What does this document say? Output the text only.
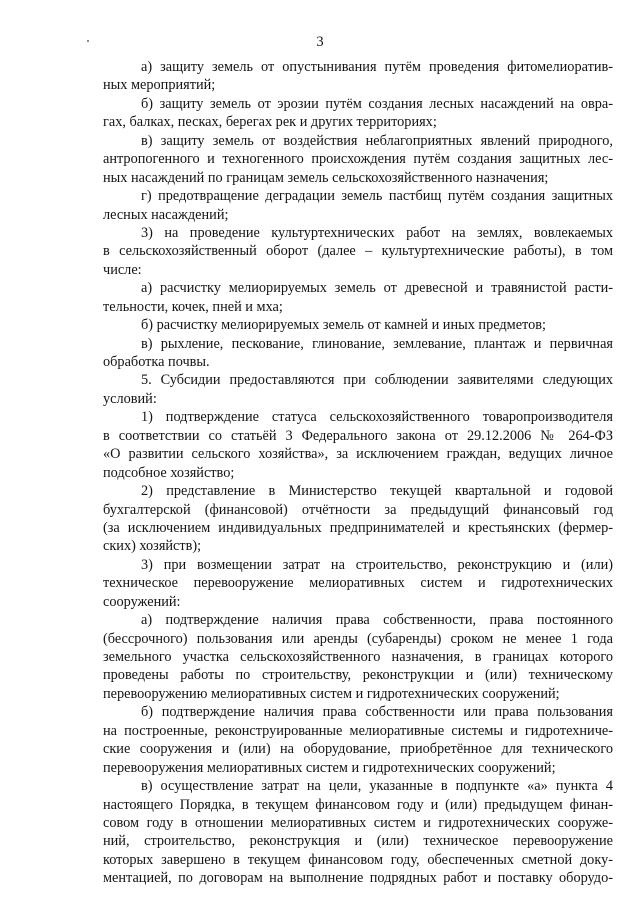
3
а) защиту земель от опустынивания путём проведения фитомелиоратив-
ных мероприятий;
б) защиту земель от эрозии путём создания лесных насаждений на овра-
гах, балках, песках, берегах рек и других территориях;
в) защиту земель от воздействия неблагоприятных явлений природного,
антропогенного и техногенного происхождения путём создания защитных лес-
ных насаждений по границам земель сельскохозяйственного назначения;
г) предотвращение деградации земель пастбищ путём создания защитных
лесных насаждений;
3) на проведение культуртехнических работ на землях, вовлекаемых
в сельскохозяйственный оборот (далее – культуртехнические работы), в том
числе:
а) расчистку мелиорируемых земель от древесной и травянистой расти-
тельности, кочек, пней и мха;
б) расчистку мелиорируемых земель от камней и иных предметов;
в) рыхление, пескование, глинование, землевание, плантаж и первичная
обработка почвы.
5. Субсидии предоставляются при соблюдении заявителями следующих
условий:
1) подтверждение статуса сельскохозяйственного товаропроизводителя
в соответствии со статьёй 3 Федерального закона от 29.12.2006 № 264-ФЗ
«О развитии сельского хозяйства», за исключением граждан, ведущих личное
подсобное хозяйство;
2) представление в Министерство текущей квартальной и годовой
бухгалтерской (финансовой) отчётности за предыдущий финансовый год
(за исключением индивидуальных предпринимателей и крестьянских (фермер-
ских) хозяйств);
3) при возмещении затрат на строительство, реконструкцию и (или)
техническое перевооружение мелиоративных систем и гидротехнических
сооружений:
а) подтверждение наличия права собственности, права постоянного
(бессрочного) пользования или аренды (субаренды) сроком не менее 1 года
земельного участка сельскохозяйственного назначения, в границах которого
проведены работы по строительству, реконструкции и (или) техническому
перевооружению мелиоративных систем и гидротехнических сооружений;
б) подтверждение наличия права собственности или права пользования
на построенные, реконструированные мелиоративные системы и гидротехниче-
ские сооружения и (или) на оборудование, приобретённое для технического
перевооружения мелиоративных систем и гидротехнических сооружений;
в) осуществление затрат на цели, указанные в подпункте «а» пункта 4
настоящего Порядка, в текущем финансовом году и (или) предыдущем финан-
совом году в отношении мелиоративных систем и гидротехнических сооруже-
ний, строительство, реконструкция и (или) техническое перевооружение
которых завершено в текущем финансовом году, обеспеченных сметной доку-
ментацией, по договорам на выполнение подрядных работ и поставку оборудо-
